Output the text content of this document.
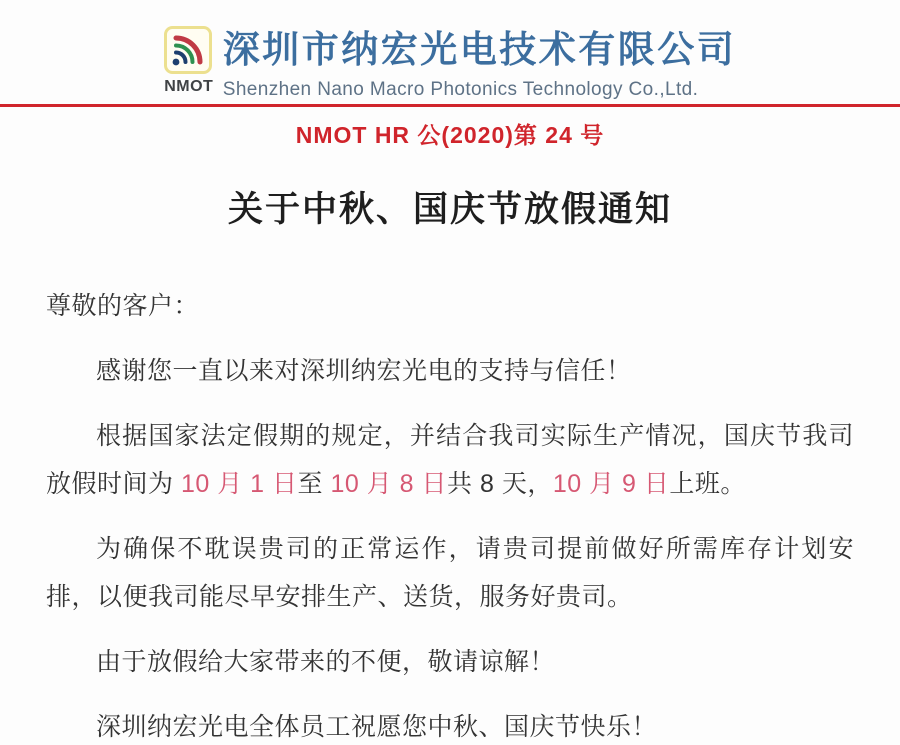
NMOT
深圳市纳宏光电技术有限公司
Shenzhen Nano Macro Photonics Technology Co.,Ltd.
NMOT HR 公(2020)第 24 号
关于中秋、国庆节放假通知

尊敬的客户：

感谢您一直以来对深圳纳宏光电的支持与信任！

根据国家法定假期的规定，并结合我司实际生产情况，国庆节我司放假时间为 10 月 1 日至 10 月 8 日共 8 天，10 月 9 日上班。

为确保不耽误贵司的正常运作，请贵司提前做好所需库存计划安排，以便我司能尽早安排生产、送货，服务好贵司。

由于放假给大家带来的不便，敬请谅解！

深圳纳宏光电全体员工祝愿您中秋、国庆节快乐！
